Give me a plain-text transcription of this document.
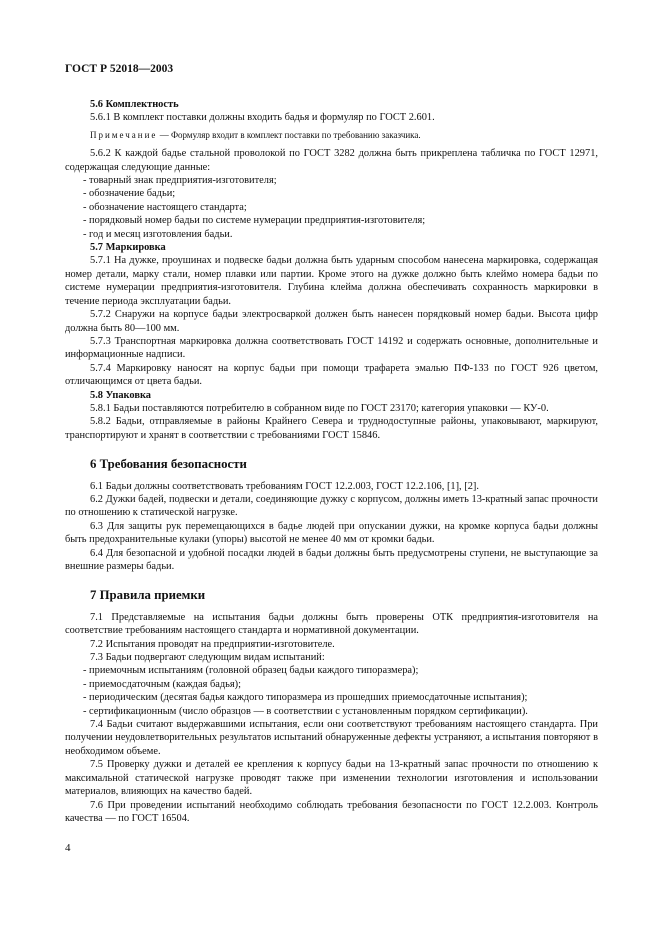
ГОСТ Р 52018—2003

5.6 Комплектность

5.6.1 В комплект поставки должны входить бадья и формуляр по ГОСТ 2.601.

Примечание — Формуляр входит в комплект поставки по требованию заказчика.

5.6.2 К каждой бадье стальной проволокой по ГОСТ 3282 должна быть прикреплена табличка по ГОСТ 12971, содержащая следующие данные:

- товарный знак предприятия-изготовителя;

- обозначение бадьи;

- обозначение настоящего стандарта;

- порядковый номер бадьи по системе нумерации предприятия-изготовителя;

- год и месяц изготовления бадьи.

5.7 Маркировка

5.7.1 На дужке, проушинах и подвеске бадьи должна быть ударным способом нанесена маркировка, содержащая номер детали, марку стали, номер плавки или партии. Кроме этого на дужке должно быть клеймо номера бадьи по системе нумерации предприятия-изготовителя. Глубина клейма должна обеспечивать сохранность маркировки в течение периода эксплуатации бадьи.

5.7.2 Снаружи на корпусе бадьи электросваркой должен быть нанесен порядковый номер бадьи. Высота цифр должна быть 80—100 мм.

5.7.3 Транспортная маркировка должна соответствовать ГОСТ 14192 и содержать основные, дополнительные и информационные надписи.

5.7.4 Маркировку наносят на корпус бадьи при помощи трафарета эмалью ПФ-133 по ГОСТ 926 цветом, отличающимся от цвета бадьи.

5.8 Упаковка

5.8.1 Бадьи поставляются потребителю в собранном виде по ГОСТ 23170; категория упаковки — КУ-0.

5.8.2 Бадьи, отправляемые в районы Крайнего Севера и труднодоступные районы, упаковывают, маркируют, транспортируют и хранят в соответствии с требованиями ГОСТ 15846.

6 Требования безопасности

6.1 Бадьи должны соответствовать требованиям ГОСТ 12.2.003, ГОСТ 12.2.106, [1], [2].

6.2 Дужки бадей, подвески и детали, соединяющие дужку с корпусом, должны иметь 13-кратный запас прочности по отношению к статической нагрузке.

6.3 Для защиты рук перемещающихся в бадье людей при опускании дужки, на кромке корпуса бадьи должны быть предохранительные кулаки (упоры) высотой не менее 40 мм от кромки бадьи.

6.4 Для безопасной и удобной посадки людей в бадьи должны быть предусмотрены ступени, не выступающие за внешние размеры бадьи.

7 Правила приемки

7.1 Представляемые на испытания бадьи должны быть проверены ОТК предприятия-изготовителя на соответствие требованиям настоящего стандарта и нормативной документации.

7.2 Испытания проводят на предприятии-изготовителе.

7.3 Бадьи подвергают следующим видам испытаний:

- приемочным испытаниям (головной образец бадьи каждого типоразмера);

- приемосдаточным (каждая бадья);

- периодическим (десятая бадья каждого типоразмера из прошедших приемосдаточные испытания);

- сертификационным (число образцов — в соответствии с установленным порядком сертификации).

7.4 Бадьи считают выдержавшими испытания, если они соответствуют требованиям настоящего стандарта. При получении неудовлетворительных результатов испытаний обнаруженные дефекты устраняют, а испытания повторяют в необходимом объеме.

7.5 Проверку дужки и деталей ее крепления к корпусу бадьи на 13-кратный запас прочности по отношению к максимальной статической нагрузке проводят также при изменении технологии изготовления и использовании материалов, влияющих на качество бадей.

7.6 При проведении испытаний необходимо соблюдать требования безопасности по ГОСТ 12.2.003. Контроль качества — по ГОСТ 16504.

4
